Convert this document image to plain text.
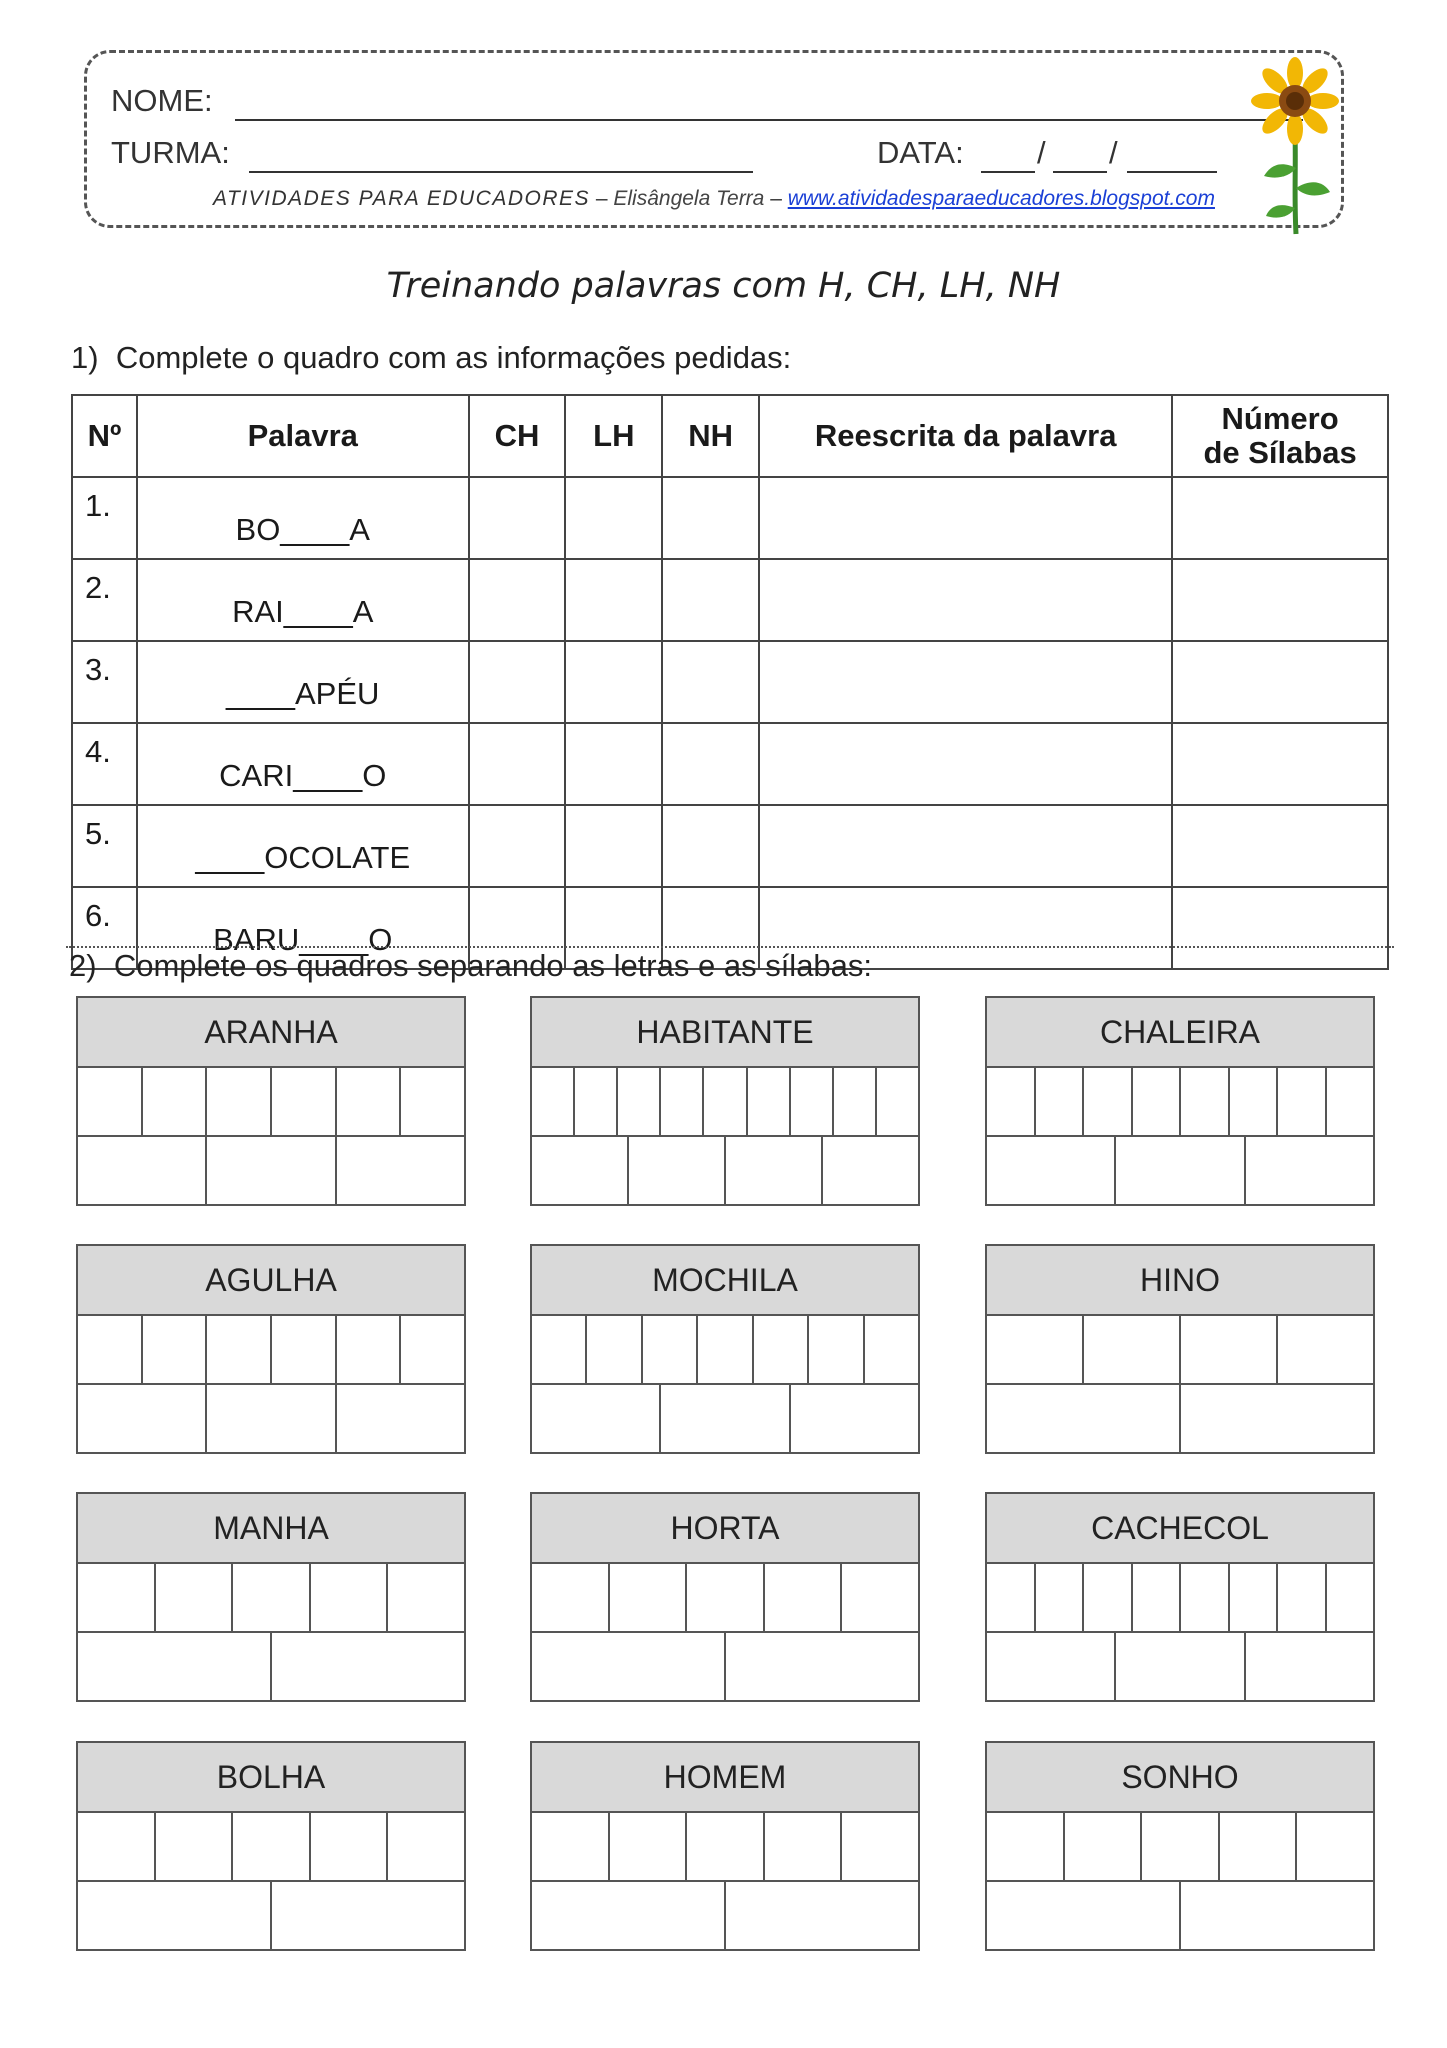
NOME:
TURMA:	DATA: / /
ATIVIDADES PARA EDUCADORES – Elisângela Terra – www.atividadesparaeducadores.blogspot.com
Treinando palavras com H, CH, LH, NH
1) Complete o quadro com as informações pedidas:
Nº	Palavra	CH	LH	NH	Reescrita da palavra	Número
de Sílabas

1.	BO____A					
2.	RAI____A					
3.	____APÉU					
4.	CARI____O					
5.	____OCOLATE					
6.	BARU____O					
2) Complete os quadros separando as letras e as sílabas:
ARANHA	HABITANTE	CHALEIRA
AGULHA	MOCHILA	HINO
MANHA	HORTA	CACHECOL
BOLHA	HOMEM	SONHO
